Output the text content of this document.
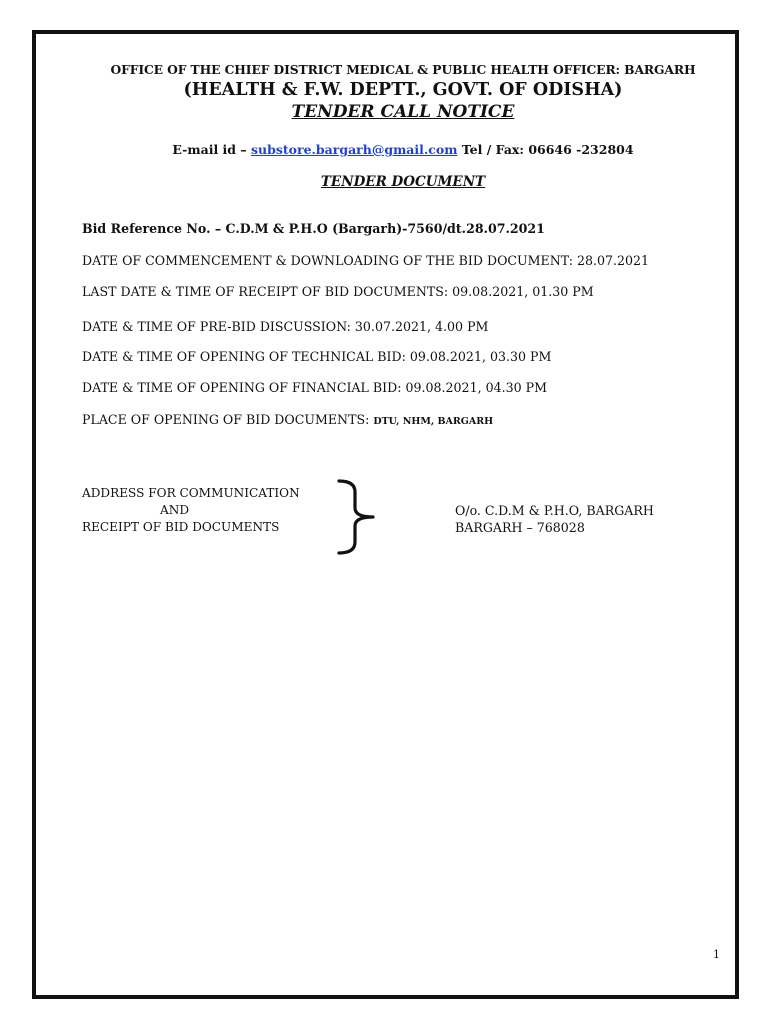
OFFICE OF THE CHIEF DISTRICT MEDICAL & PUBLIC HEALTH OFFICER: BARGARH
(HEALTH & F.W. DEPTT., GOVT. OF ODISHA)
TENDER CALL NOTICE
E-mail id – substore.bargarh@gmail.com Tel / Fax: 06646 -232804
TENDER DOCUMENT
Bid Reference No. – C.D.M & P.H.O (Bargarh)-7560/dt.28.07.2021
DATE OF COMMENCEMENT & DOWNLOADING OF THE BID DOCUMENT: 28.07.2021
LAST DATE & TIME OF RECEIPT OF BID DOCUMENTS: 09.08.2021, 01.30 PM
DATE & TIME OF PRE-BID DISCUSSION: 30.07.2021, 4.00 PM
DATE & TIME OF OPENING OF TECHNICAL BID: 09.08.2021, 03.30 PM
DATE & TIME OF OPENING OF FINANCIAL BID: 09.08.2021, 04.30 PM
PLACE OF OPENING OF BID DOCUMENTS: DTU, NHM, BARGARH
ADDRESS FOR COMMUNICATION
AND
RECEIPT OF BID DOCUMENTS
O/o. C.D.M & P.H.O, BARGARH
BARGARH – 768028
1
